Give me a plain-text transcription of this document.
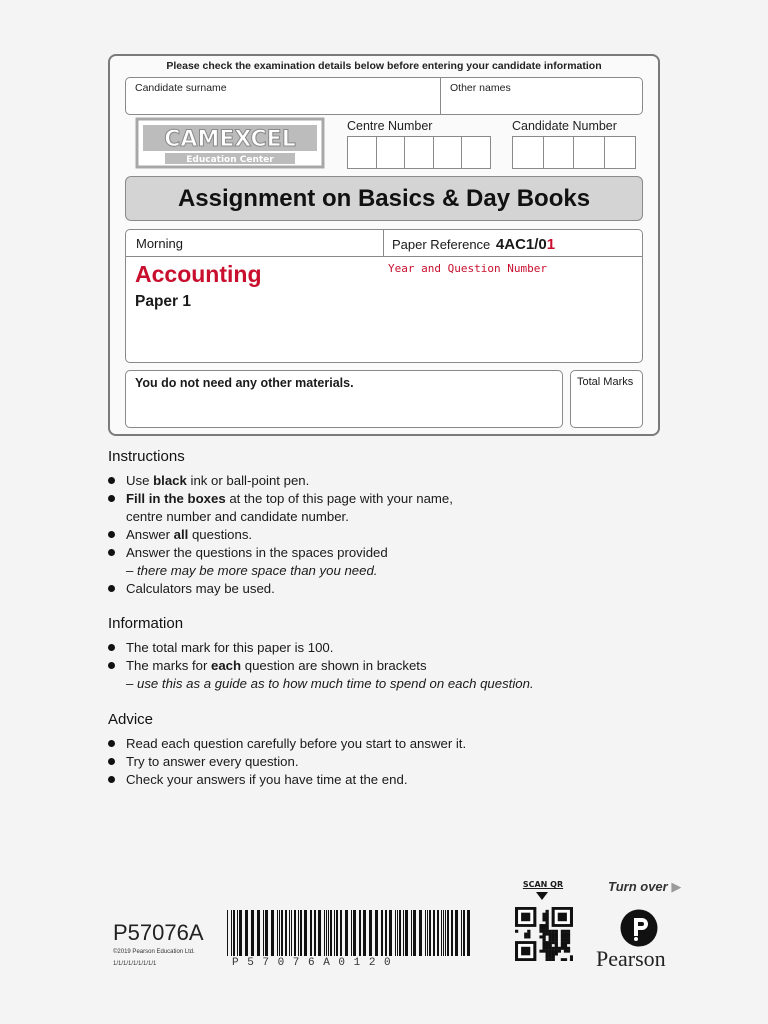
Please check the examination details below before entering your candidate information
Candidate surname	Other names
CAMEXCEL
Education Center
Centre Number	Candidate Number
Assignment on Basics & Day Books
Morning	Paper Reference 4AC1/01
Accounting
Paper 1
Year and Question Number
You do not need any other materials.	Total Marks
Instructions
Use black ink or ball-point pen.
Fill in the boxes at the top of this page with your name,
centre number and candidate number.
Answer all questions.
Answer the questions in the spaces provided
– there may be more space than you need.
Calculators may be used.
Information
The total mark for this paper is 100.
The marks for each question are shown in brackets
– use this as a guide as to how much time to spend on each question.
Advice
Read each question carefully before you start to answer it.
Try to answer every question.
Check your answers if you have time at the end.
P57076A
©2019 Pearson Education Ltd.
1/1/1/1/1/1/1/1/1	P 5 7 0 7 6 A 0 1 2 0
SCAN QR	Turn over ▶
Pearson
